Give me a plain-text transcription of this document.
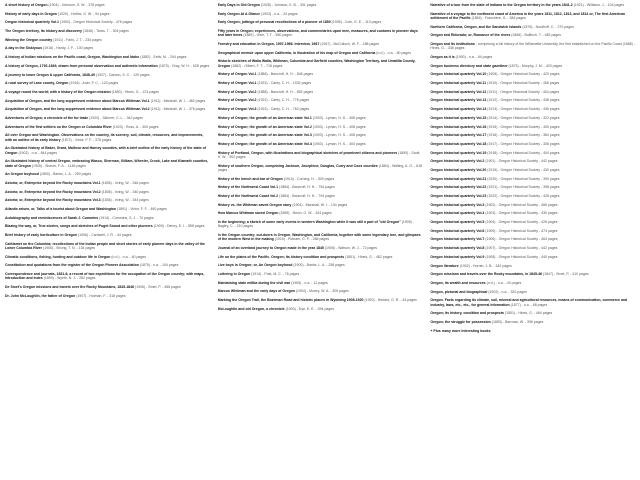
A short history of Oregon (1904) - Johnson, S. W. - 378 pages
History of early days in Oregon (1920) - Hobbs, G. W. - 94 pages
Oregon historical quarterly Vol.1 (1900) - Oregon Historical Society - 476 pages
The Oregon territory, its history and discovery (1846) - Twiss, T. - 304 pages
Winning the Oregon country (1911) - Faris, J. T. - 234 pages
A day in the Siskiyous (1916) - Hardy, J. F. - 100 pages
A history of Indian missions on the Pacific coast, Oregon, Washington and Idaho (1882) - Eells, M. - 294 pages
A history of Oregon, 1792-1849, drawn from personal observation and authentic information (1870) - Gray, W. H. - 628 pages
A journey to lower Oregon & upper California, 1848-49 (1927) - Damon, S. C. - 120 pages
A rural survey of Lane county, Oregon (1916) - Auer, F. C. - 124 pages
A voyage round the world; with a history of the Oregon mission (1850) - Hines, G. - 474 pages
Acquisition of Oregon, and the long suppressed evidence about Marcus Whitman Vol.1 (1911) - Marshall, W. I. - 482 pages
Acquisition of Oregon, and the long suppressed evidence about Marcus Whitman Vol.2 (1911) - Marshall, W. I. - 376 pages
Adventures of Oregon; a chronicle of the fur trade (1920) - Skinner, C. L. - 342 pages
Adventures of the first settlers on the Oregon or Columbia River (1923) - Ross, A. - 400 pages
All over Oregon and Washington. Observations on the country, its scenery, soil, climate, resources, and improvements, with an outline of its early history (1872) - Victor, F. F. - 378 pages
An illustrated history of Baker, Grant, Malheur and Harney counties, with a brief outline of the early history of the state of Oregon (1902) - n.a. - 844 pages
An illustrated history of central Oregon, embracing Wasco, Sherman, Gilliam, Wheeler, Crook, Lake and Klamath counties, state of Oregon (1905) - Shaver, F. A. - 1146 pages
An Oregon boyhood (1890) - Banks, L. A. - 250 pages
Astoria; or, Enterprise beyond the Rocky mountains Vol.1 (1836) - Irving, W. - 346 pages
Astoria; or, Enterprise beyond the Rocky mountains Vol.2 (1836) - Irving, W. - 340 pages
Astoria; or, Enterprise beyond the Rocky mountains Vol.3 (1836) - Irving, W. - 344 pages
Atlantis arisen, or, Talks of a tourist about Oregon and Washington (1891) - Victor, F. F. - 460 pages
Autobiography and reminiscences of Sarah J. Cummins (1914) - Cummins, S. J. - 70 pages
Blazing the way, or, True stories, songs and sketches of Puget Sound and other pioneers (1909) - Denny, E. I. - 558 pages
Brief history of early horticulture in Oregon (1906) - Cardwell, J. R. - 44 pages
Cathlamet on the Columbia; recollections of the Indian people and short stories of early pioneer days in the valley of the Lower Columbia River (1906) - Strong, T. N. - 134 pages
Climatic conditions, fishing, hunting and outdoor life in Oregon (n.d.) - n.a. - 40 pages
Constitution and quotations from the register of the Oregon Pioneer Association (1875) - n.a. - 104 pages
Correspondence and journals, 1831-6, a record of two expeditions for the occupation of the Oregon country; with maps, introduction and index (1899) - Wyeth, N. J. - 282 pages
De Smet's Oregon missions and travels over the Rocky Mountains, 1845-1846 (1906) - Smet, P. - 456 pages
Dr. John McLoughlin, the father of Oregon (1907) - Holman, F. - 318 pages
Early Days in Old Oregon (1928) - Johnson, K. B. - 331 pages
Early Oregon At A Glance (1903) - n.a. - 24 pages
Early Oregon; jottings of personal recollections of a pioneer of 1850 (1905) - Cole, G. E. - 110 pages
Fifty years in Oregon; experiences, observations, and commentaries upon men, measures, and customs in pioneer days and later times (1889) - Geer, T. T. - 550 pages
Forestry and education in Oregon, 1907-1966. Interview, 1967 (1967) - McCulloch, W. F. - 188 pages
Geographical memoir upon upper California, in illustration of his map of Oregon and California (n.d.) - n.a. - 80 pages
Historic sketches of Walla Walla, Whitman, Columbia and Garfield counties, Washington Territory, and Umatilla County, Oregon (1882) - Gilbert, F. T. - 718 pages
History of Oregon Vol.1 (1886) - Bancroft, H. H. - 846 pages
History of Oregon Vol.1 (1922) - Carey, C. H. - 1032 pages
History of Oregon Vol.2 (1888) - Bancroft, H. H. - 852 pages
History of Oregon Vol.2 (1922) - Carey, C. H. - 776 pages
History of Oregon Vol.3 (1922) - Carey, C. H. - 762 pages
History of Oregon; the growth of an American state Vol.1 (1903) - Lyman, H. S. - 408 pages
History of Oregon; the growth of an American state Vol.2 (1903) - Lyman, H. S. - 408 pages
History of Oregon; the growth of an American state Vol.3 (1903) - Lyman, H. S. - 408 pages
History of Oregon; the growth of an American state Vol.4 (1903) - Lyman, H. S. - 404 pages
History of Portland, Oregon, with illustrations and biographical sketches of prominent citizens and pioneers (1890) - Scott, H. W. - 902 pages
History of southern Oregon, comprising Jackson, Josephine, Douglas, Curry and Coos counties (1884) - Walling, A. G. - 618 pages
History of the bench and bar of Oregon (1910) - Corning, H. - 300 pages
History of the Northwest Coast Vol.1 (1884) - Bancroft, H. H. - 754 pages
History of the Northwest Coast Vol.2 (1884) - Bancroft, H. H. - 794 pages
History vs. the Whitman saved Oregon story (1904) - Marshall, W. I. - 134 pages
How Marcus Whitman saved Oregon (1895) - Nixon, O. W. - 344 pages
In the beginning; a sketch of some early events in western Washington while it was still a part of "old Oregon" (1905) - Bagley, C. - 210 pages
In the Oregon country; out-doors in Oregon, Washington, and California, together with some legendary lore, and glimpses of the modern West in the making (1915) - Putnam, G. P. - 268 pages
Journal of an overland journey to Oregon made in the year 1845 (1905) - Watson, W. J. - 72 pages
Life on the plains of the Pacific. Oregon; its history condition and prospects (1851) - Hines, G. - 462 pages
Live boys in Oregon; or, An Oregon boyhood (1900) - Banks, L. A. - 258 pages
Loitering in Oregon (1914) - Post, M. C. - 76 pages
Maintaining state militia during the civil war (1905) - n.a. - 12 pages
Marcus Whitman and the early days of Oregon (1904) - Mowry, W. A. - 300 pages
Marking the Oregon Trail, the Bozeman Road and historic places in Wyoming 1908-1920 (1920) - Hebard, G. R. - 44 pages
McLoughlin and old Oregon, a chronicle (1900) - Dye, E. E. - 394 pages
Narrative of a tour from the state of Indiana to the Oregon territory in the years 1841-2 (1921) - Williams, J. - 104 pages
Narrative of a voyage to the northwest coast of America in the years 1811, 1812, 1813, and 1814 or, The first American settlement of the Pacific (1854) - Franchère, G. - 384 pages
Northern California, Oregon, and the Sandwich islands (1875) - Nordhoff, C. - 270 pages
Oregon and Eldorado; or, Romance of the rivers (1866) - Bulfinch, T. - 482 pages
Oregon and its institutions ; comprising a full history of the Willamette University, the first established on the Pacific Coast (1868) - Hines, G. - 336 pages
Oregon as it is (1900) - n.a. - 64 pages
Oregon business directory and state gazetteer (1873) - Murphy, J. M. - 420 pages
Oregon historical quarterly Vol.10 (1909) - Oregon Historical Society - 420 pages
Oregon historical quarterly Vol.11 (1910) - Oregon Historical Society - 456 pages
Oregon historical quarterly Vol.12 (1911) - Oregon Historical Society - 404 pages
Oregon historical quarterly Vol.13 (1912) - Oregon Historical Society - 438 pages
Oregon historical quarterly Vol.14 (1913) - Oregon Historical Society - 446 pages
Oregon historical quarterly Vol.15 (1914) - Oregon Historical Society - 322 pages
Oregon historical quarterly Vol.16 (1915) - Oregon Historical Society - 400 pages
Oregon historical quarterly Vol.17 (1916) - Oregon Historical Society - 384 pages
Oregon historical quarterly Vol.18 (1917) - Oregon Historical Society - 336 pages
Oregon historical quarterly Vol.19 (1918) - Oregon Historical Society - 404 pages
Oregon historical quarterly Vol.2 (1901) - Oregon Historical Society - 442 pages
Oregon historical quarterly Vol.20 (1919) - Oregon Historical Society - 430 pages
Oregon historical quarterly Vol.21 (1920) - Oregon Historical Society - 390 pages
Oregon historical quarterly Vol.22 (1921) - Oregon Historical Society - 398 pages
Oregon historical quarterly Vol.23 (1922) - Oregon Historical Society - 428 pages
Oregon historical quarterly Vol.3 (1902) - Oregon Historical Society - 466 pages
Oregon historical quarterly Vol.4 (1903) - Oregon Historical Society - 430 pages
Oregon historical quarterly Vol.5 (1904) - Oregon Historical Society - 426 pages
Oregon historical quarterly Vol.6 (1905) - Oregon Historical Society - 474 pages
Oregon historical quarterly Vol.7 (1906) - Oregon Historical Society - 464 pages
Oregon historical quarterly Vol.8 (1907) - Oregon Historical Society - 442 pages
Oregon historical quarterly Vol.9 (1908) - Oregon Historical Society - 440 pages
Oregon literature (1902) - Horner, J. B. - 342 pages
Oregon missions and travels over the Rocky mountains, in 1845-46 (1847) - Smet, P. - 410 pages
Oregon, its wealth and resources (n.d.) - n.a. - 40 pages
Oregon, pictorial and biographical (1902) - n.a. - 320 pages
Oregon. Facts regarding its climate, soil, mineral and agricultural resources, means of communication, commerce and industry, laws, etc., etc., for general information (1877) - n.a. - 68 pages
Oregon; its history, condition and prospects (1851) - Hines, G. - 464 pages
Oregon; the struggle for possession (1883) - Barrows, W. - 396 pages
+ Plus many more interesting books
